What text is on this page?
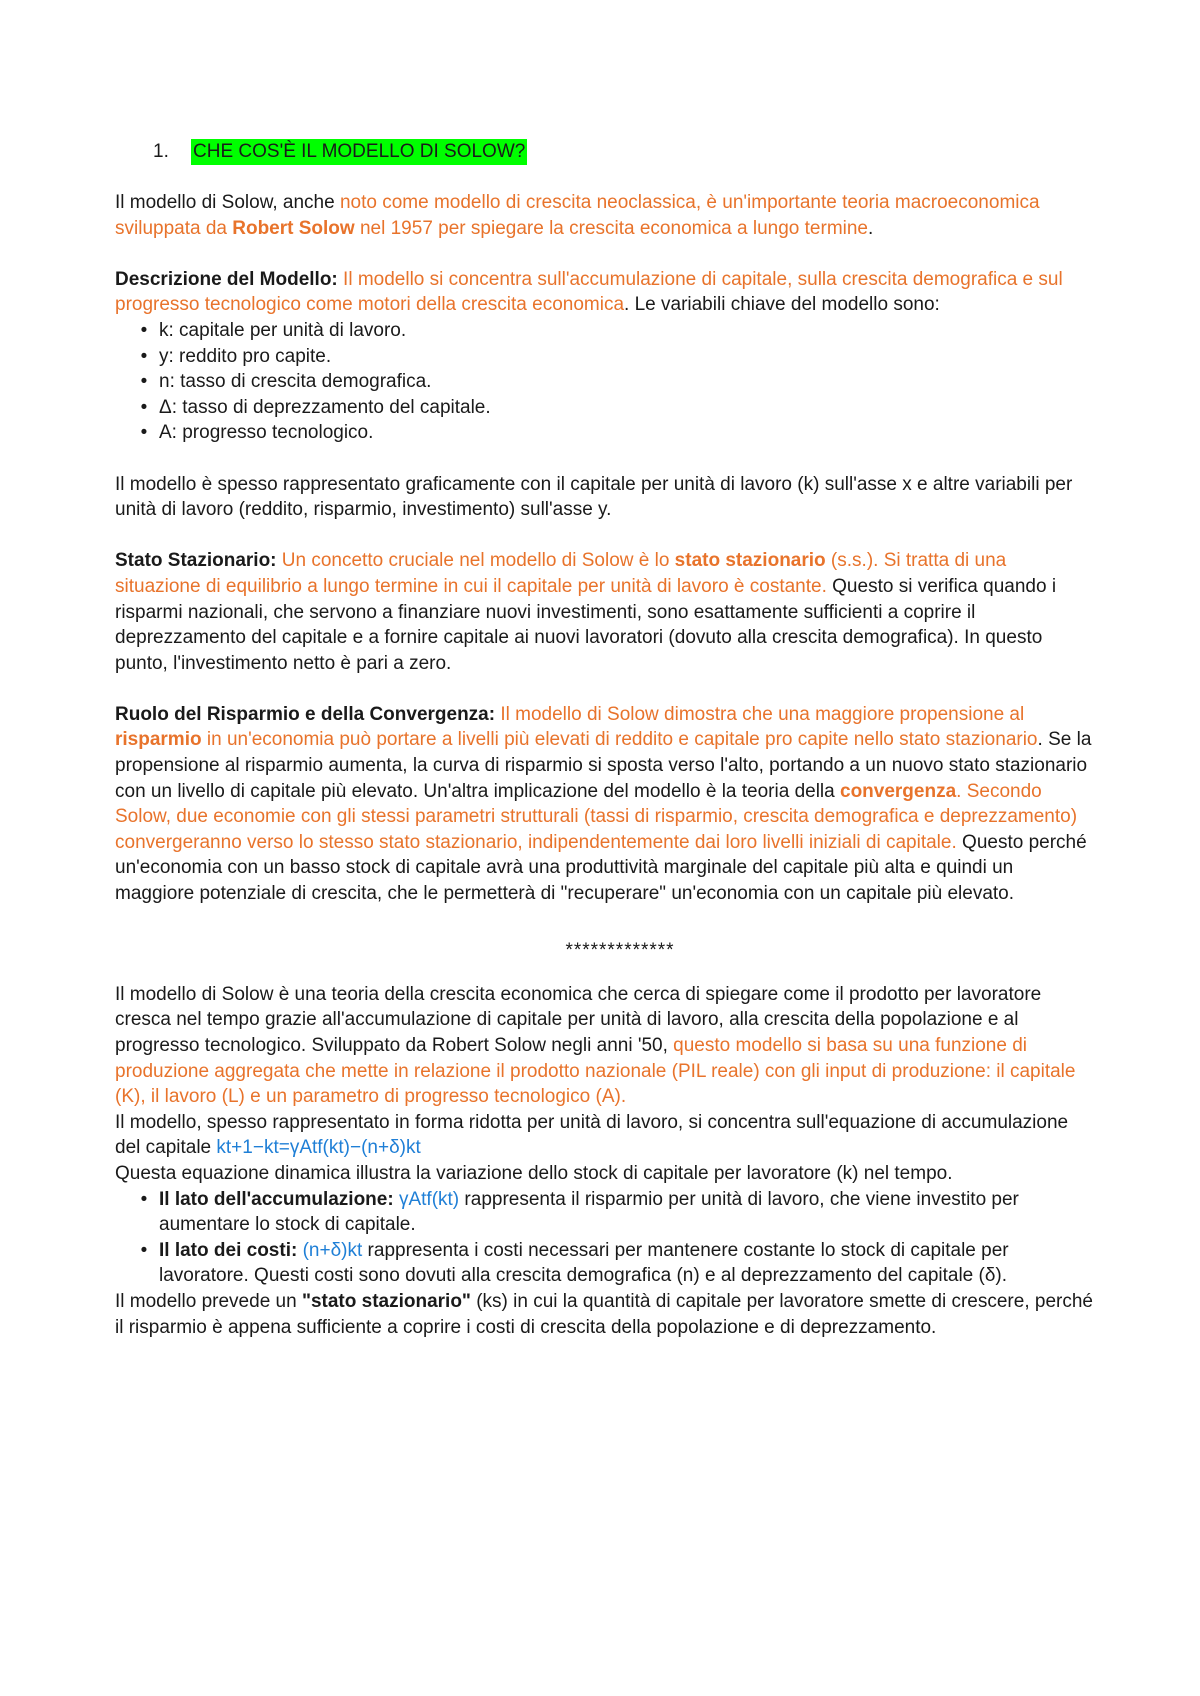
1.	CHE COS'È IL MODELLO DI SOLOW?

Il modello di Solow, anche noto come modello di crescita neoclassica, è un'importante teoria macroeconomica sviluppata da Robert Solow nel 1957 per spiegare la crescita economica a lungo termine.

Descrizione del Modello: Il modello si concentra sull'accumulazione di capitale, sulla crescita demografica e sul progresso tecnologico come motori della crescita economica. Le variabili chiave del modello sono:

• k: capitale per unità di lavoro.
• y: reddito pro capite.
• n: tasso di crescita demografica.
• Δ: tasso di deprezzamento del capitale.
• A: progresso tecnologico.

Il modello è spesso rappresentato graficamente con il capitale per unità di lavoro (k) sull'asse x e altre variabili per unità di lavoro (reddito, risparmio, investimento) sull'asse y.

Stato Stazionario: Un concetto cruciale nel modello di Solow è lo stato stazionario (s.s.). Si tratta di una situazione di equilibrio a lungo termine in cui il capitale per unità di lavoro è costante. Questo si verifica quando i risparmi nazionali, che servono a finanziare nuovi investimenti, sono esattamente sufficienti a coprire il deprezzamento del capitale e a fornire capitale ai nuovi lavoratori (dovuto alla crescita demografica). In questo punto, l'investimento netto è pari a zero.

Ruolo del Risparmio e della Convergenza: Il modello di Solow dimostra che una maggiore propensione al risparmio in un'economia può portare a livelli più elevati di reddito e capitale pro capite nello stato stazionario. Se la propensione al risparmio aumenta, la curva di risparmio si sposta verso l'alto, portando a un nuovo stato stazionario con un livello di capitale più elevato. Un'altra implicazione del modello è la teoria della convergenza. Secondo Solow, due economie con gli stessi parametri strutturali (tassi di risparmio, crescita demografica e deprezzamento) convergeranno verso lo stesso stato stazionario, indipendentemente dai loro livelli iniziali di capitale. Questo perché un'economia con un basso stock di capitale avrà una produttività marginale del capitale più alta e quindi un maggiore potenziale di crescita, che le permetterà di "recuperare" un'economia con un capitale più elevato.

*************

Il modello di Solow è una teoria della crescita economica che cerca di spiegare come il prodotto per lavoratore cresca nel tempo grazie all'accumulazione di capitale per unità di lavoro, alla crescita della popolazione e al progresso tecnologico. Sviluppato da Robert Solow negli anni '50, questo modello si basa su una funzione di produzione aggregata che mette in relazione il prodotto nazionale (PIL reale) con gli input di produzione: il capitale (K), il lavoro (L) e un parametro di progresso tecnologico (A).

Il modello, spesso rappresentato in forma ridotta per unità di lavoro, si concentra sull'equazione di accumulazione del capitale kt+1−kt=γAtf(kt)−(n+δ)kt

Questa equazione dinamica illustra la variazione dello stock di capitale per lavoratore (k) nel tempo.

• Il lato dell'accumulazione: γAtf(kt) rappresenta il risparmio per unità di lavoro, che viene investito per aumentare lo stock di capitale.
• Il lato dei costi: (n+δ)kt rappresenta i costi necessari per mantenere costante lo stock di capitale per lavoratore. Questi costi sono dovuti alla crescita demografica (n) e al deprezzamento del capitale (δ).

Il modello prevede un "stato stazionario" (ks) in cui la quantità di capitale per lavoratore smette di crescere, perché il risparmio è appena sufficiente a coprire i costi di crescita della popolazione e di deprezzamento.
